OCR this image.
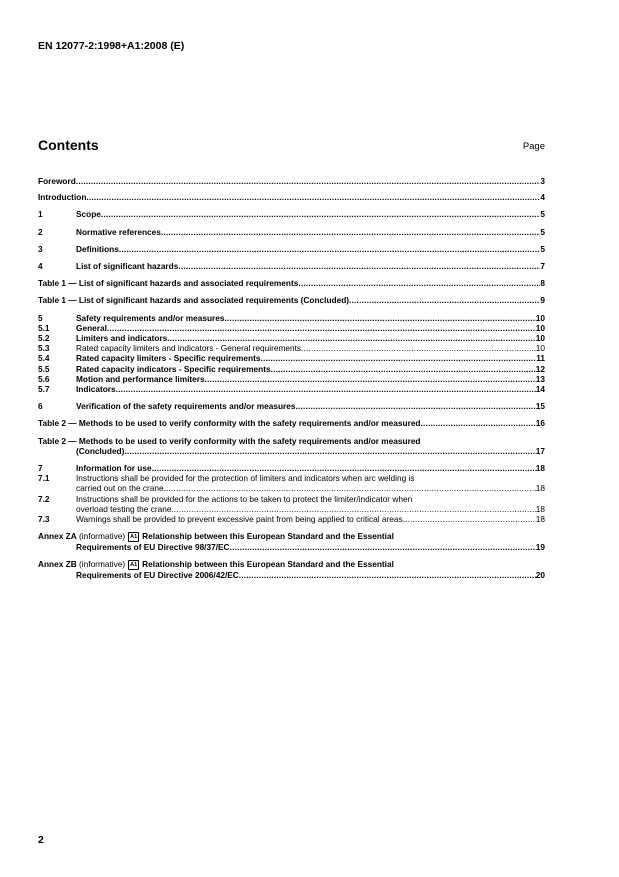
EN 12077-2:1998+A1:2008 (E)
Contents	Page
Foreword .....	3
Introduction .....	4
1	Scope .....	5
2	Normative references .....	5
3	Definitions .....	5
4	List of significant hazards .....	7
Table 1 — List of significant hazards and associated requirements .....	8
Table 1 — List of significant hazards and associated requirements (Concluded) .....	9
5	Safety requirements and/or measures .....	10
5.1	General .....	10
5.2	Limiters and indicators .....	10
5.3	Rated capacity limiters and indicators - General requirements .....	10
5.4	Rated capacity limiters - Specific requirements .....	11
5.5	Rated capacity indicators - Specific requirements .....	12
5.6	Motion and performance limiters .....	13
5.7	Indicators .....	14
6	Verification of the safety requirements and/or measures .....	15
Table 2 — Methods to be used to verify conformity with the safety requirements and/or measured .....	16
Table 2 — Methods to be used to verify conformity with the safety requirements and/or measured
(Concluded) .....	17
7	Information for use .....	18
7.1	Instructions shall be provided for the protection of limiters and indicators when arc welding is
carried out on the crane. .....	18
7.2	Instructions shall be provided for the actions to be taken to protect the limiter/indicator when
overload testing the crane. .....	18
7.3	Warnings shall be provided to prevent excessive paint from being applied to critical areas. .....	18
Annex ZA (informative) A1 Relationship between this European Standard and the Essential
Requirements of EU Directive 98/37/EC .....	19
Annex ZB (informative) A1 Relationship between this European Standard and the Essential
Requirements of EU Directive 2006/42/EC .....	20
2
